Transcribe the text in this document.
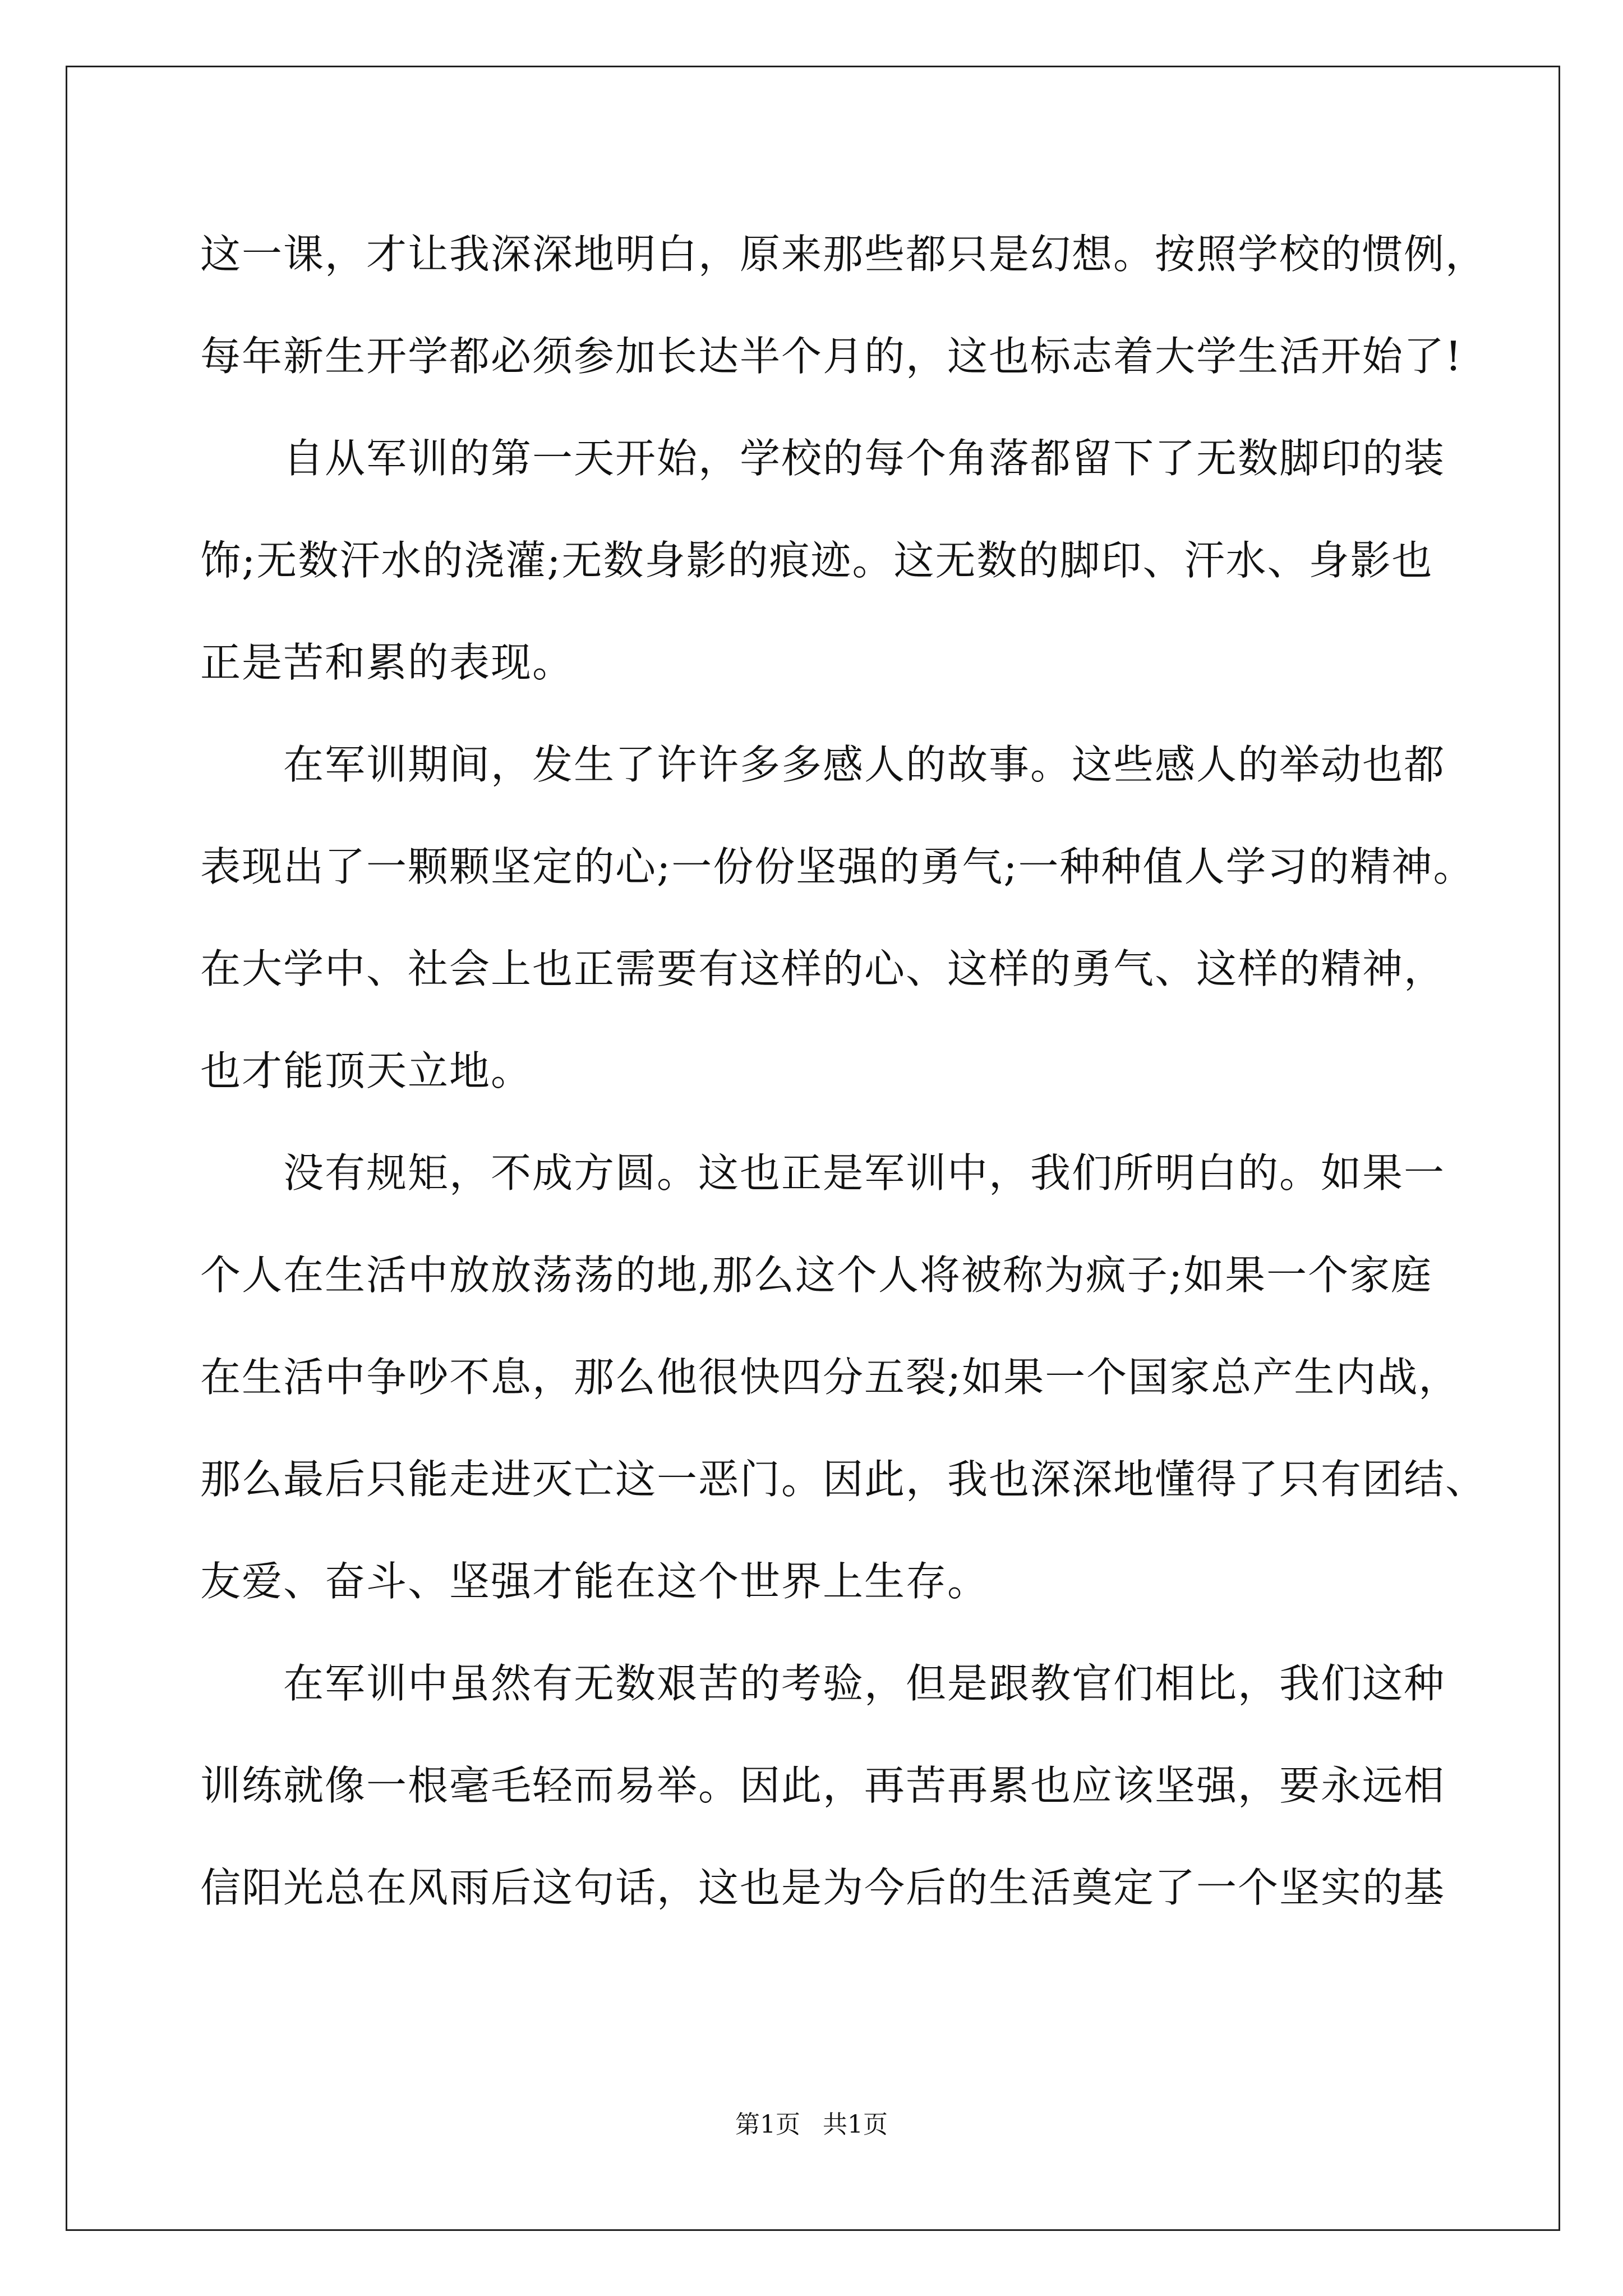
这一课，才让我深深地明白，原来那些都只是幻想。按照学校的惯例，
每年新生开学都必须参加长达半个月的，这也标志着大学生活开始了!
自从军训的第一天开始，学校的每个角落都留下了无数脚印的装
饰;无数汗水的浇灌;无数身影的痕迹。这无数的脚印、汗水、身影也
正是苦和累的表现。
在军训期间，发生了许许多多感人的故事。这些感人的举动也都
表现出了一颗颗坚定的心;一份份坚强的勇气;一种种值人学习的精神。
在大学中、社会上也正需要有这样的心、这样的勇气、这样的精神，
也才能顶天立地。
没有规矩，不成方圆。这也正是军训中，我们所明白的。如果一
个人在生活中放放荡荡的地,那么这个人将被称为疯子;如果一个家庭
在生活中争吵不息，那么他很快四分五裂;如果一个国家总产生内战，
那么最后只能走进灭亡这一恶门。因此，我也深深地懂得了只有团结、
友爱、奋斗、坚强才能在这个世界上生存。
在军训中虽然有无数艰苦的考验，但是跟教官们相比，我们这种
训练就像一根毫毛轻而易举。因此，再苦再累也应该坚强，要永远相
信阳光总在风雨后这句话，这也是为今后的生活奠定了一个坚实的基
第1页 共1页
